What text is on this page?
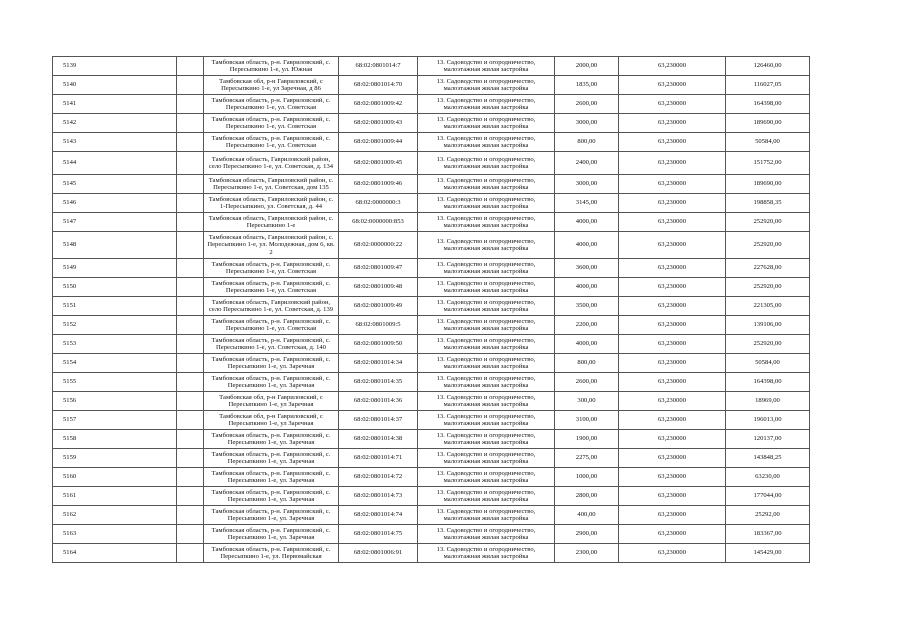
5139		Тамбовская область, р-н. Гавриловский, с. Пересыпкино 1-е, ул. Южная	68:02:0801014:7	13. Садоводство и огородничество, малоэтажная жилая застройка	2000,00	63,230000	126460,00
5140		Тамбовская обл, р-н Гавриловский, с Пересыпкино 1-е, ул Заречная, д 86	68:02:0801014:70	13. Садоводство и огородничество, малоэтажная жилая застройка	1835,00	63,230000	116027,05
5141		Тамбовская область, р-н. Гавриловский, с. Пересыпкино 1-е, ул. Советская	68:02:0801009:42	13. Садоводство и огородничество, малоэтажная жилая застройка	2600,00	63,230000	164398,00
5142		Тамбовская область, р-н. Гавриловский, с. Пересыпкино 1-е, ул. Советская	68:02:0801009:43	13. Садоводство и огородничество, малоэтажная жилая застройка	3000,00	63,230000	189690,00
5143		Тамбовская область, р-н. Гавриловский, с. Пересыпкино 1-е, ул. Советская	68:02:0801009:44	13. Садоводство и огородничество, малоэтажная жилая застройка	800,00	63,230000	50584,00
5144		Тамбовская область, Гавриловский район, село Пересыпкино 1-е, ул. Советская, д. 134	68:02:0801009:45	13. Садоводство и огородничество, малоэтажная жилая застройка	2400,00	63,230000	151752,00
5145		Тамбовская область, Гавриловский район, с. Пересыпкино 1-е, ул. Советская, дом 135	68:02:0801009:46	13. Садоводство и огородничество, малоэтажная жилая застройка	3000,00	63,230000	189690,00
5146		Тамбовская область, Гавриловский район, с. 1-Пересыпкино, ул. Советская, д. 44	68:02:0000000:3	13. Садоводство и огородничество, малоэтажная жилая застройка	3145,00	63,230000	198858,35
5147		Тамбовская область, Гавриловский район, с. Пересыпкино 1-е	68:02:0000000:853	13. Садоводство и огородничество, малоэтажная жилая застройка	4000,00	63,230000	252920,00
5148		Тамбовская область, Гавриловский район, с. Пересыпкино 1-е, ул. Молодежная, дом 6, кв. 2	68:02:0000000:22	13. Садоводство и огородничество, малоэтажная жилая застройка	4000,00	63,230000	252920,00
5149		Тамбовская область, р-н. Гавриловский, с. Пересыпкино 1-е, ул. Советская	68:02:0801009:47	13. Садоводство и огородничество, малоэтажная жилая застройка	3600,00	63,230000	227628,00
5150		Тамбовская область, р-н. Гавриловский, с. Пересыпкино 1-е, ул. Советская	68:02:0801009:48	13. Садоводство и огородничество, малоэтажная жилая застройка	4000,00	63,230000	252920,00
5151		Тамбовская область, Гавриловский район, село Пересыпкино 1-е, ул. Советская, д. 139	68:02:0801009:49	13. Садоводство и огородничество, малоэтажная жилая застройка	3500,00	63,230000	221305,00
5152		Тамбовская область, р-н. Гавриловский, с. Пересыпкино 1-е, ул. Советская	68:02:0801009:5	13. Садоводство и огородничество, малоэтажная жилая застройка	2200,00	63,230000	139106,00
5153		Тамбовская область, р-н. Гавриловский, с. Пересыпкино 1-е, ул. Советская, д. 140	68:02:0801009:50	13. Садоводство и огородничество, малоэтажная жилая застройка	4000,00	63,230000	252920,00
5154		Тамбовская область, р-н. Гавриловский, с. Пересыпкино 1-е, ул. Заречная	68:02:0801014:34	13. Садоводство и огородничество, малоэтажная жилая застройка	800,00	63,230000	50584,00
5155		Тамбовская область, р-н. Гавриловский, с. Пересыпкино 1-е, ул. Заречная	68:02:0801014:35	13. Садоводство и огородничество, малоэтажная жилая застройка	2600,00	63,230000	164398,00
5156		Тамбовская обл, р-н Гавриловский, с Пересыпкино 1-е, ул Заречная	68:02:0801014:36	13. Садоводство и огородничество, малоэтажная жилая застройка	300,00	63,230000	18969,00
5157		Тамбовская обл, р-н Гавриловский, с Пересыпкино 1-е, ул Заречная	68:02:0801014:37	13. Садоводство и огородничество, малоэтажная жилая застройка	3100,00	63,230000	196013,00
5158		Тамбовская область, р-н. Гавриловский, с. Пересыпкино 1-е, ул. Заречная	68:02:0801014:38	13. Садоводство и огородничество, малоэтажная жилая застройка	1900,00	63,230000	120137,00
5159		Тамбовская область, р-н. Гавриловский, с. Пересыпкино 1-е, ул. Заречная	68:02:0801014:71	13. Садоводство и огородничество, малоэтажная жилая застройка	2275,00	63,230000	143848,25
5160		Тамбовская область, р-н. Гавриловский, с. Пересыпкино 1-е, ул. Заречная	68:02:0801014:72	13. Садоводство и огородничество, малоэтажная жилая застройка	1000,00	63,230000	63230,00
5161		Тамбовская область, р-н. Гавриловский, с. Пересыпкино 1-е, ул. Заречная	68:02:0801014:73	13. Садоводство и огородничество, малоэтажная жилая застройка	2800,00	63,230000	177044,00
5162		Тамбовская область, р-н. Гавриловский, с. Пересыпкино 1-е, ул. Заречная	68:02:0801014:74	13. Садоводство и огородничество, малоэтажная жилая застройка	400,00	63,230000	25292,00
5163		Тамбовская область, р-н. Гавриловский, с. Пересыпкино 1-е, ул. Заречная	68:02:0801014:75	13. Садоводство и огородничество, малоэтажная жилая застройка	2900,00	63,230000	183367,00
5164		Тамбовская область, р-н. Гавриловский, с. Пересыпкино 1-е, ул. Первомайская	68:02:0801006:91	13. Садоводство и огородничество, малоэтажная жилая застройка	2300,00	63,230000	145429,00
